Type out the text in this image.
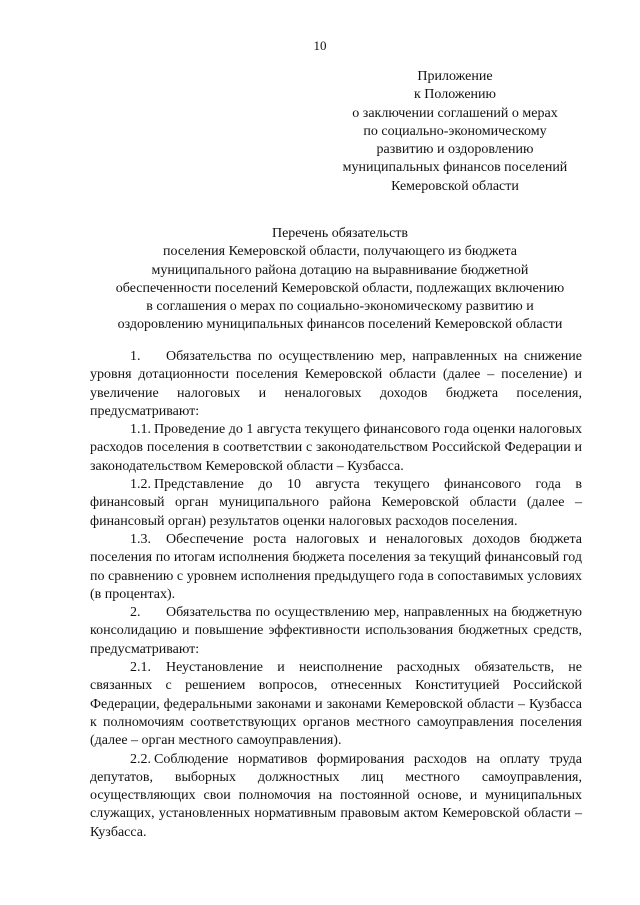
10
Приложение
к Положению
о заключении соглашений о мерах
по социально-экономическому
развитию и оздоровлению
муниципальных финансов поселений
Кемеровской области
Перечень обязательств
поселения Кемеровской области, получающего из бюджета
муниципального района дотацию на выравнивание бюджетной
обеспеченности поселений Кемеровской области, подлежащих включению
в соглашения о мерах по социально-экономическому развитию и
оздоровлению муниципальных финансов поселений Кемеровской области

1. Обязательства по осуществлению мер, направленных на снижение уровня дотационности поселения Кемеровской области (далее – поселение) и увеличение налоговых и неналоговых доходов бюджета поселения, предусматривают:

1.1. Проведение до 1 августа текущего финансового года оценки налоговых расходов поселения в соответствии с законодательством Российской Федерации и законодательством Кемеровской области – Кузбасса.

1.2. Представление до 10 августа текущего финансового года в финансовый орган муниципального района Кемеровской области (далее – финансовый орган) результатов оценки налоговых расходов поселения.

1.3. Обеспечение роста налоговых и неналоговых доходов бюджета поселения по итогам исполнения бюджета поселения за текущий финансовый год по сравнению с уровнем исполнения предыдущего года в сопоставимых условиях (в процентах).

2. Обязательства по осуществлению мер, направленных на бюджетную консолидацию и повышение эффективности использования бюджетных средств, предусматривают:

2.1. Неустановление и неисполнение расходных обязательств, не связанных с решением вопросов, отнесенных Конституцией Российской Федерации, федеральными законами и законами Кемеровской области – Кузбасса к полномочиям соответствующих органов местного самоуправления поселения (далее – орган местного самоуправления).

2.2. Соблюдение нормативов формирования расходов на оплату труда депутатов, выборных должностных лиц местного самоуправления, осуществляющих свои полномочия на постоянной основе, и муниципальных служащих, установленных нормативным правовым актом Кемеровской области – Кузбасса.
